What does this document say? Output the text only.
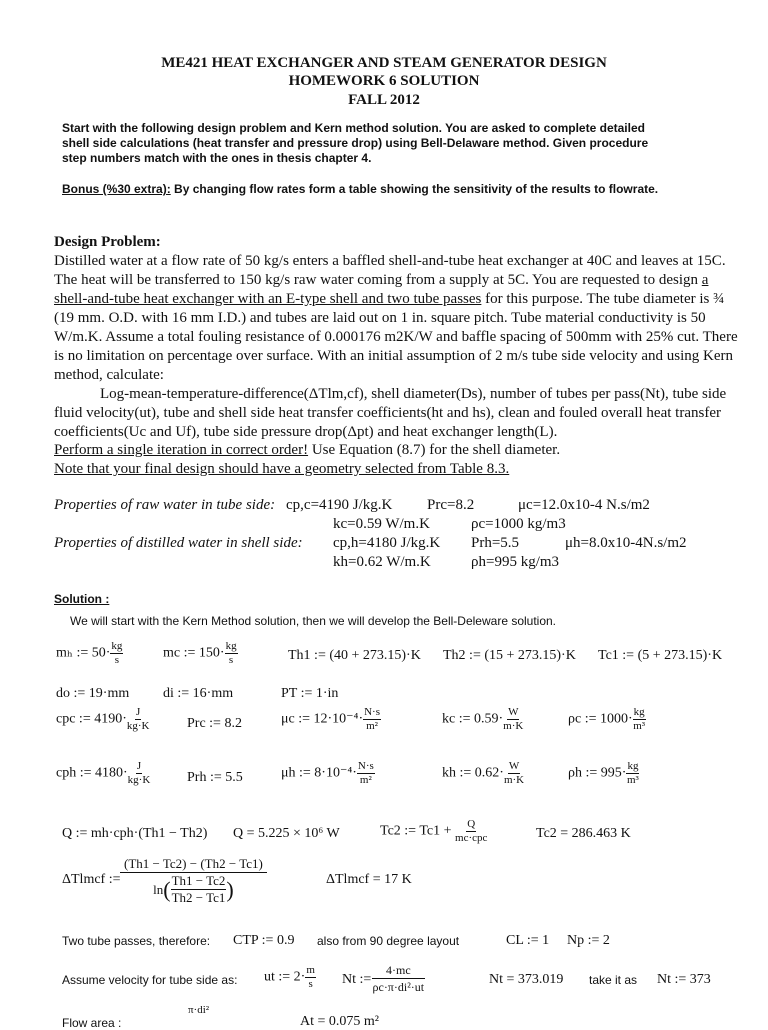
ME421 HEAT EXCHANGER AND STEAM GENERATOR DESIGN
HOMEWORK 6 SOLUTION
FALL 2012
Start with the following design problem and Kern method solution. You are asked to complete detailed
shell side calculations (heat transfer and pressure drop) using Bell-Delaware method. Given procedure
step numbers match with the ones in thesis chapter 4.
Bonus (%30 extra): By changing flow rates form a table showing the sensitivity of the results to flowrate.
Design Problem:
Distilled water at a flow rate of 50 kg/s enters a baffled shell-and-tube heat exchanger at 40C and leaves at 15C.
The heat will be transferred to 150 kg/s raw water coming from a supply at 5C. You are requested to design a
shell-and-tube heat exchanger with an E-type shell and two tube passes for this purpose. The tube diameter is ¾
(19 mm. O.D. with 16 mm I.D.) and tubes are laid out on 1 in. square pitch. Tube material conductivity is 50
W/m.K. Assume a total fouling resistance of 0.000176 m2K/W and baffle spacing of 500mm with 25% cut. There
is no limitation on percentage over surface. With an initial assumption of 2 m/s tube side velocity and using Kern
method, calculate:
Log-mean-temperature-difference(ΔTlm,cf), shell diameter(Ds), number of tubes per pass(Nt), tube side
fluid velocity(ut), tube and shell side heat transfer coefficients(ht and hs), clean and fouled overall heat transfer
coefficients(Uc and Uf), tube side pressure drop(Δpt) and heat exchanger length(L).
Perform a single iteration in correct order! Use Equation (8.7) for the shell diameter.
Note that your final design should have a geometry selected from Table 8.3.
Properties of raw water in tube side: cp,c=4190 J/kg.K Prc=8.2	μc=12.0x10-4 N.s/m2
kc=0.59 W/m.K	ρc=1000 kg/m3
Properties of distilled water in shell side: cp,h=4180 J/kg.K Prh=5.5	μh=8.0x10-4N.s/m2
kh=0.62 W/m.K	ρh=995 kg/m3
Solution :
We will start with the Kern Method solution, then we will develop the Bell-Deleware solution.
mₕ := $50\cdot \frac{kg}{s}$	mc := $150\cdot \frac{kg}{s}$	Th1 := (40 + 273.15)·K Th2 := (15 + 273.15)·K Tc1 := (5 + 273.15)·K
do := 19·mm di := 16·mm	PT := 1·in
cpc := $4190\cdot \frac{J}{kg\cdot K}$	Prc := 8.2	μc := $12\cdot 10^{-4}\cdot \frac{N\cdot s}{\text{m²}}$	kc := $0.59\cdot \frac{W}{m\cdot K}$	ρc := $1000\cdot \frac{kg}{\text{m³}}$
cph := $4180\cdot \frac{J}{kg\cdot K}$	Prh := 5.5	μh := $8\cdot 10^{-4}\cdot \frac{N\cdot s}{\text{m²}}$	kh := $0.62\cdot \frac{W}{m\cdot K}$	ρh := $995\cdot \frac{kg}{\text{m³}}$
Q := mh·cph·(Th1 − Th2) Q = 5.225 × 10⁶ W	Tc2 := $Tc1 + \frac{Q}{\text{mc·cpc}}$	Tc2 = 286.463 K
ΔTlmcf := $\frac{(Th1 - Tc2) - (Th2 - Tc1)}{\ln ( \frac{Th1 - Tc2}{Th2 - Tc1} )}$	ΔTlmcf = 17 K
Two tube passes, therefore: CTP := 0.9 also from 90 degree layout	CL := 1 Np := 2
Assume velocity for tube side as: ut := $2\cdot \frac{m}{s}$ Nt := $\frac{4\cdot mc}{\text{ρc·π·di²·ut}}$	Nt = 373.019 take it as Nt := 373
Flow area :
π·di²
At = 0.075 m²
